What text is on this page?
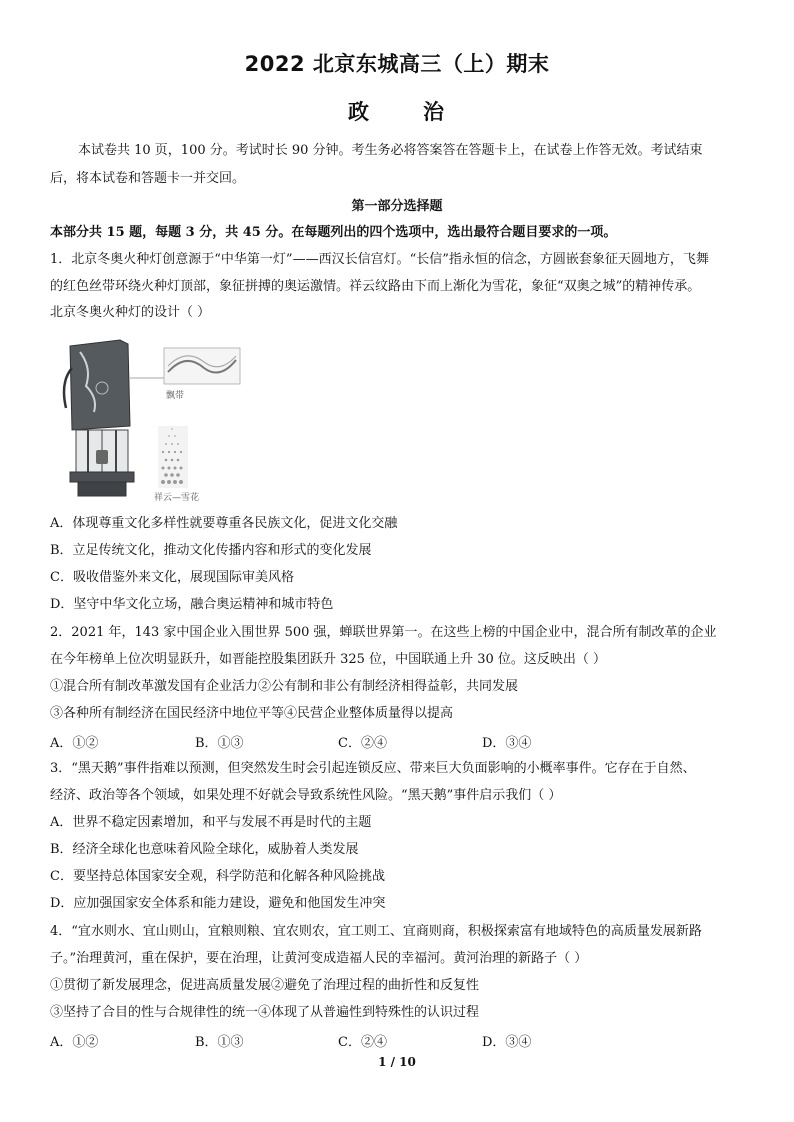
2022 北京东城高三（上）期末
政 治
本试卷共 10 页，100 分。考试时长 90 分钟。考生务必将答案答在答题卡上，在试卷上作答无效。考试结束
后，将本试卷和答题卡一并交回。
第一部分选择题
本部分共 15 题，每题 3 分，共 45 分。在每题列出的四个选项中，选出最符合题目要求的一项。
1．北京冬奥火种灯创意源于“中华第一灯”——西汉长信宫灯。“长信”指永恒的信念，方圆嵌套象征天圆地方，飞舞
的红色丝带环绕火种灯顶部，象征拼搏的奥运激情。祥云纹路由下而上渐化为雪花，象征“双奥之城”的精神传承。
北京冬奥火种灯的设计（ ）
飘带
祥云—雪花
A．体现尊重文化多样性就要尊重各民族文化，促进文化交融
B．立足传统文化，推动文化传播内容和形式的变化发展
C．吸收借鉴外来文化，展现国际审美风格
D．坚守中华文化立场，融合奥运精神和城市特色
2．2021 年，143 家中国企业入围世界 500 强，蝉联世界第一。在这些上榜的中国企业中，混合所有制改革的企业
在今年榜单上位次明显跃升，如晋能控股集团跃升 325 位，中国联通上升 30 位。这反映出（ ）
①混合所有制改革激发国有企业活力②公有制和非公有制经济相得益彰，共同发展
③各种所有制经济在国民经济中地位平等④民营企业整体质量得以提高
A．①②	B．①③	C．②④	D．③④
3．“黑天鹅”事件指难以预测，但突然发生时会引起连锁反应、带来巨大负面影响的小概率事件。它存在于自然、
经济、政治等各个领域，如果处理不好就会导致系统性风险。“黑天鹅”事件启示我们（ ）
A．世界不稳定因素增加，和平与发展不再是时代的主题
B．经济全球化也意味着风险全球化，威胁着人类发展
C．要坚持总体国家安全观，科学防范和化解各种风险挑战
D．应加强国家安全体系和能力建设，避免和他国发生冲突
4．“宜水则水、宜山则山，宜粮则粮、宜农则农，宜工则工、宜商则商，积极探索富有地域特色的高质量发展新路
子。”治理黄河，重在保护，要在治理，让黄河变成造福人民的幸福河。黄河治理的新路子（ ）
①贯彻了新发展理念，促进高质量发展②避免了治理过程的曲折性和反复性
③坚持了合目的性与合规律性的统一④体现了从普遍性到特殊性的认识过程
A．①②	B．①③	C．②④	D．③④
1 / 10
